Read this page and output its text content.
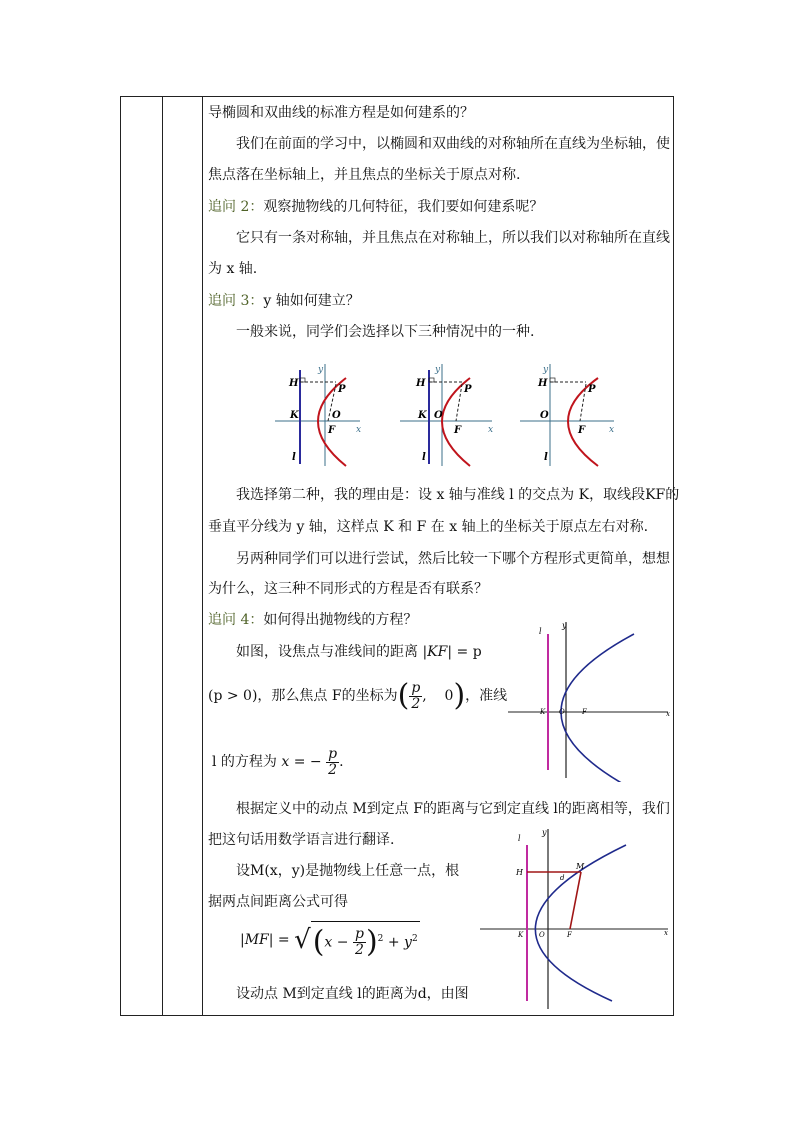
导椭圆和双曲线的标准方程是如何建系的？
我们在前面的学习中，以椭圆和双曲线的对称轴所在直线为坐标轴，使
焦点落在坐标轴上，并且焦点的坐标关于原点对称.
追问 2：观察抛物线的几何特征，我们要如何建系呢？
它只有一条对称轴，并且焦点在对称轴上，所以我们以对称轴所在直线
为 x 轴.
追问 3：y 轴如何建立？
一般来说，同学们会选择以下三种情况中的一种.
H
P
K	O
F x
y
l
H
P
K O
F	x
y
l
H
P
O
F	x
y
l
我选择第二种，我的理由是：设 x 轴与准线 l 的交点为 K，取线段KF的
垂直平分线为 y 轴，这样点 K 和 F 在 x 轴上的坐标关于原点左右对称.
另两种同学们可以进行尝试，然后比较一下哪个方程形式更简单，想想
为什么，这三种不同形式的方程是否有联系？
追问 4：如何得出抛物线的方程？
如图，设焦点与准线间的距离 |KF| = p
(p > 0)，那么焦点 F的坐标为( $\frac{p}{2}$ ,    0)，准线
l 的方程为 x = − $\frac{p}{2}$ .
l
y
K O F	x
根据定义中的动点 M到定点 F的距离与它到定直线 l的距离相等，我们
把这句话用数学语言进行翻译.
设M(x，y)是抛物线上任意一点，根
据两点间距离公式可得
$|MF| = √(x - \frac{p}{2} )^2 + y^2$
设动点 M到定直线 l的距离为d，由图
l
y
H
M
d
K O	F	x
